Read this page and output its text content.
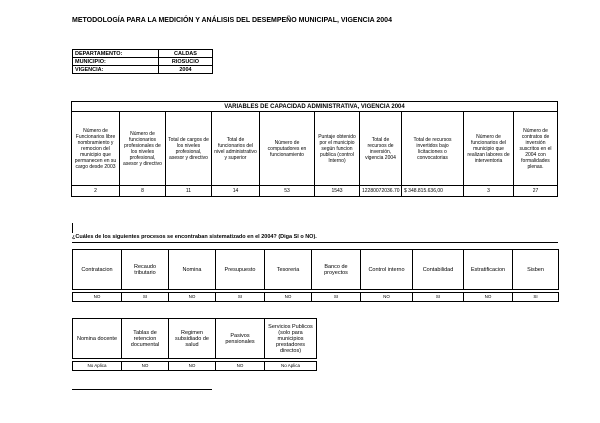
METODOLOGÍA PARA LA MEDICIÓN Y ANÁLISIS DEL DESEMPEÑO MUNICIPAL, VIGENCIA 2004
DEPARTAMENTO:	CALDAS
MUNICIPIO:	RIOSUCIO
VIGENCIA:	2004
VARIABLES DE CAPACIDAD ADMINISTRATIVA, VIGENCIA 2004									
Número de Funcionarios libre nombramiento y remocion del municipio que permanecen en su cargo desde 2003	Número de funcionarios profesionales de los niveles profesional, asesor y directivo	Total de cargos de los niveles profesional, asesor y directivo	Total de funcionarios del nivel administrativo y superior	Número de computadores en funcionamiento	Puntaje obtenido por el municipio según funcion publica (control Interno)	Total de recursos de inversión, vigencia 2004	Total de recursos invertidos bajo licitaciones o convocatorias	Número de funcionarios del municipio que realizan labores de interventoria	Número de contratos de inversión suscritos en el 2004 con formalidades plenas.
2	8	11	14	53	1543	12280072036.70	$ 348.815.636,00	3	27
¿Cuáles de los siguientes procesos se encontraban sistematizado en el 2004? (Diga SI o NO).
Contratacion	Recaudo tributario	Nomina	Presupuesto	Tesoreria	Banco de proyectos	Control interno	Contabilidad	Estratificacion	Sisben

NO	SI	NO	SI	NO	SI	NO	SI	NO	SI
Nomina docente	Tablas de retencion documental	Regimen subsidiado de salud	Pasivos pensionales	Servicios Publicos (solo para municipios prestadores directos)

No Aplica	NO	NO	NO	No Aplica
